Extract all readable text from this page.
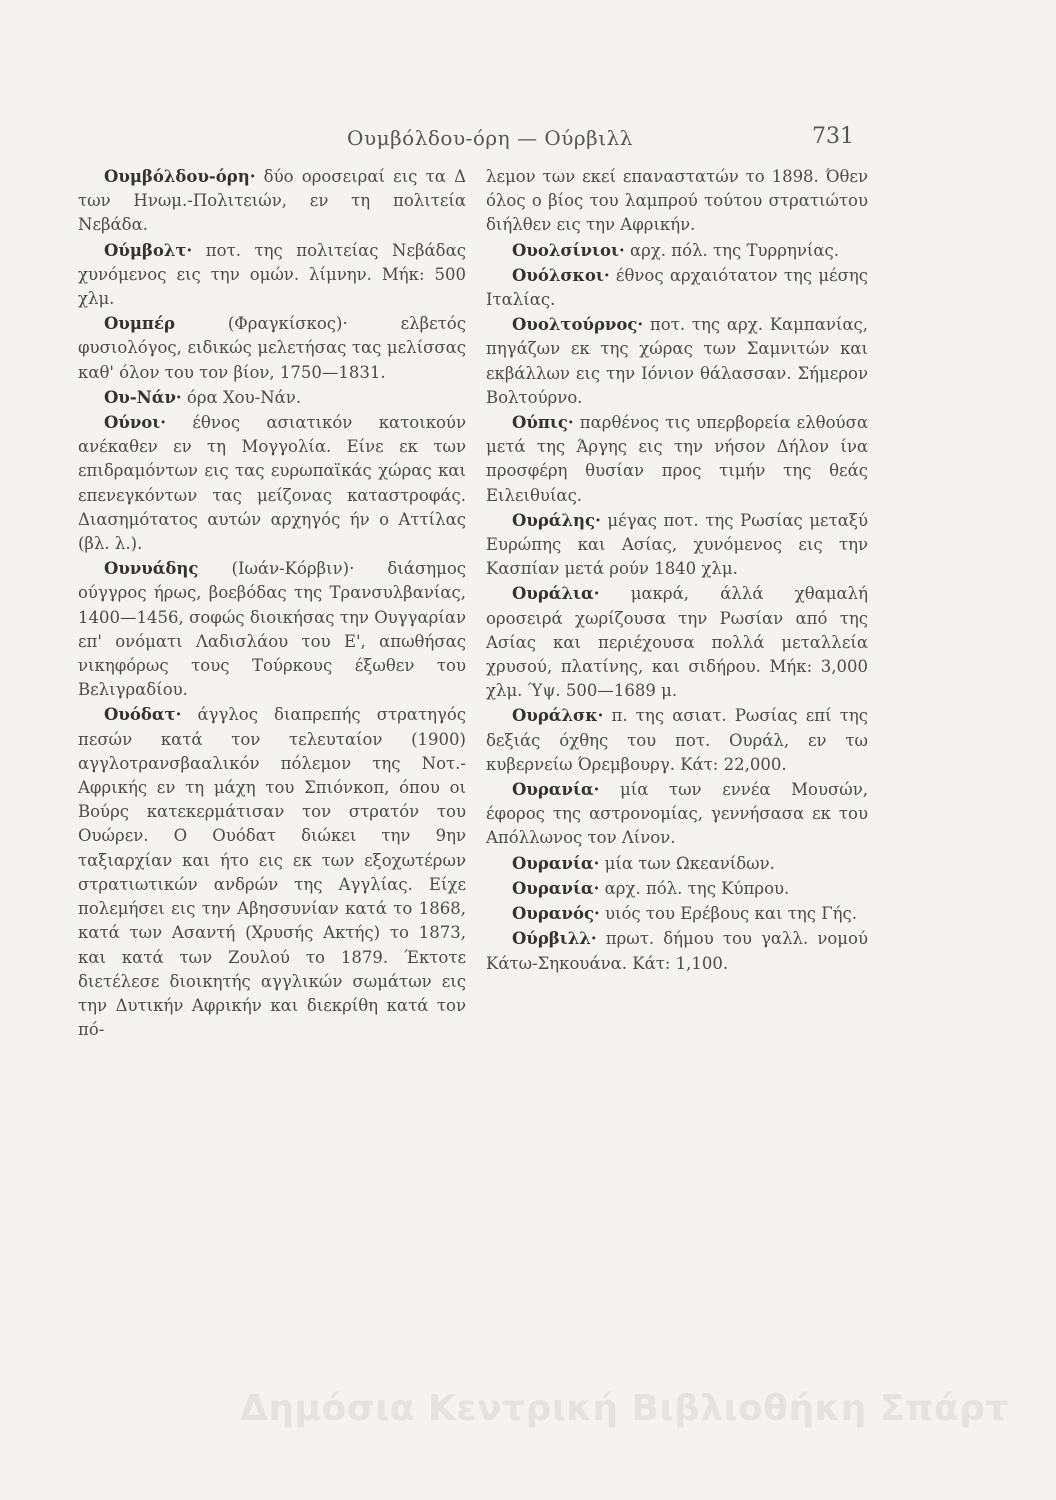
Ουμβόλδου-όρη — Ούρβιλλ	731

Ουμβόλδου-όρη· δύο οροσειραί εις τα Δ των Ηνωμ.-Πολιτειών, εν τη πολιτεία Νεβάδα.

Ούμβολτ· ποτ. της πολιτείας Νεβάδας χυνόμενος εις την ομών. λίμνην. Μήκ: 500 χλμ.

Ουμπέρ (Φραγκίσκος)· ελβετός φυσιολόγος, ειδικώς μελετήσας τας μελίσσας καθ' όλον του τον βίον, 1750—1831.

Ου-Νάν· όρα Χου-Νάν.

Ούνοι· έθνος ασιατικόν κατοικούν ανέκαθεν εν τη Μογγολία. Είνε εκ των επιδραμόντων εις τας ευρωπαϊκάς χώρας και επενεγκόντων τας μείζονας καταστροφάς. Διασημότατος αυτών αρχηγός ήν ο Αττίλας (βλ. λ.).

Ουνυάδης (Ιωάν-Κόρβιν)· διάσημος ούγγρος ήρως, βοεβόδας της Τρανσυλβανίας, 1400—1456, σοφώς διοικήσας την Ουγγαρίαν επ' ονόματι Λαδισλάου του Ε', απωθήσας νικηφόρως τους Τούρκους έξωθεν του Βελιγραδίου.

Ουόδατ· άγγλος διαπρεπής στρατηγός πεσών κατά τον τελευταίον (1900) αγγλοτρανσβααλικόν πόλεμον της Νοτ.-Αφρικής εν τη μάχη του Σπιόνκοπ, όπου οι Βούρς κατεκερμάτισαν τον στρατόν του Ουώρεν. Ο Ουόδατ διώκει την 9ην ταξιαρχίαν και ήτο εις εκ των εξοχωτέρων στρατιωτικών ανδρών της Αγγλίας. Είχε πολεμήσει εις την Αβησσυνίαν κατά το 1868, κατά των Ασαντή (Χρυσής Ακτής) το 1873, και κατά των Ζουλού το 1879. Έκτοτε διετέλεσε διοικητής αγγλικών σωμάτων εις την Δυτικήν Αφρικήν και διεκρίθη κατά τον πό-

λεμον των εκεί επαναστατών το 1898. Όθεν όλος ο βίος του λαμπρού τούτου στρατιώτου διήλθεν εις την Αφρικήν.

Ουολσίνιοι· αρχ. πόλ. της Τυρρηνίας.

Ουόλσκοι· έθνος αρχαιότατον της μέσης Ιταλίας.

Ουολτούρνος· ποτ. της αρχ. Καμπανίας, πηγάζων εκ της χώρας των Σαμνιτών και εκβάλλων εις την Ιόνιον θάλασσαν. Σήμερον Βολτούρνο.

Ούπις· παρθένος τις υπερβορεία ελθούσα μετά της Άργης εις την νήσον Δήλον ίνα προσφέρη θυσίαν προς τιμήν της θεάς Ειλειθυίας.

Ουράλης· μέγας ποτ. της Ρωσίας μεταξύ Ευρώπης και Ασίας, χυνόμενος εις την Κασπίαν μετά ρούν 1840 χλμ.

Ουράλια· μακρά, άλλά χθαμαλή οροσειρά χωρίζουσα την Ρωσίαν από της Ασίας και περιέχουσα πολλά μεταλλεία χρυσού, πλατίνης, και σιδήρου. Μήκ: 3,000 χλμ. Ύψ. 500—1689 μ.

Ουράλσκ· π. της ασιατ. Ρωσίας επί της δεξιάς όχθης του ποτ. Ουράλ, εν τω κυβερνείω Όρεμβουργ. Κάτ: 22,000.

Ουρανία· μία των εννέα Μουσών, έφορος της αστρονομίας, γεννήσασα εκ του Απόλλωνος τον Λίνον.

Ουρανία· μία των Ωκεανίδων.

Ουρανία· αρχ. πόλ. της Κύπρου.

Ουρανός· υιός του Ερέβους και της Γής.

Ούρβιλλ· πρωτ. δήμου του γαλλ. νομού Κάτω-Σηκουάνα. Κάτ: 1,100.

Δημόσια Κεντρική Βιβλιοθήκη Σπάρτ
